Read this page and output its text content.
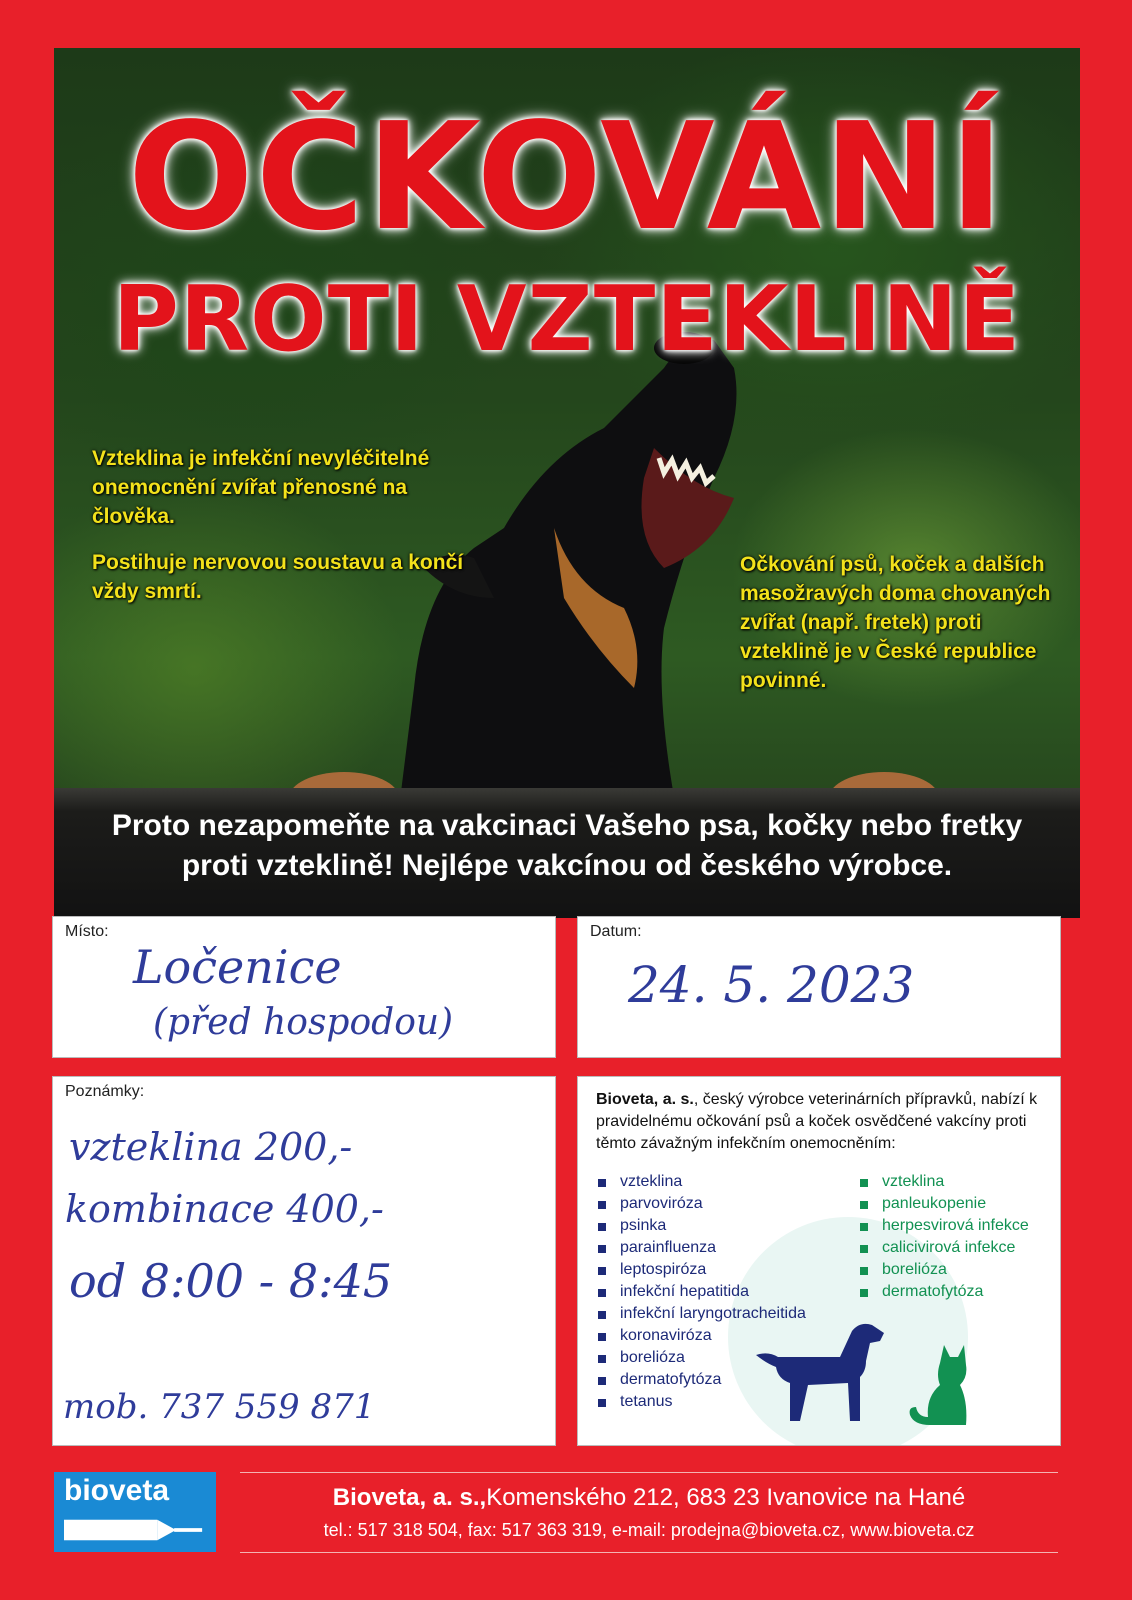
OČKOVÁNÍ
PROTI VZTEKLINĚ
Vzteklina je infekční nevyléčitelné onemocnění zvířat přenosné na člověka.
Postihuje nervovou soustavu a končí vždy smrtí.
Očkování psů, koček a dalších masožravých doma chovaných zvířat (např. fretek) proti vzteklině je v České republice povinné.
Proto nezapomeňte na vakcinaci Vašeho psa, kočky nebo fretky
proti vzteklině! Nejlépe vakcínou od českého výrobce.
Místo:
Ločenice
(před hospodou)
Datum:
24. 5. 2023
Poznámky:
vzteklina 200,-
kombinace 400,-
od 8:00 - 8:45
mob. 737 559 871
Bioveta, a. s., český výrobce veterinárních přípravků, nabízí k pravidelnému očkování psů a koček osvědčené vakcíny proti těmto závažným infekčním onemocněním:
vzteklina
parvoviróza
psinka
parainfluenza
leptospiróza
infekční hepatitida
infekční laryngotracheitida
koronaviróza
borelióza
dermatofytóza
tetanus
vzteklina
panleukopenie
herpesvirová infekce
calicivirová infekce
borelióza
dermatofytóza
bioveta	Bioveta, a. s.,Komenského 212, 683 23 Ivanovice na Hané
tel.: 517 318 504, fax: 517 363 319, e-mail: prodejna@bioveta.cz, www.bioveta.cz
